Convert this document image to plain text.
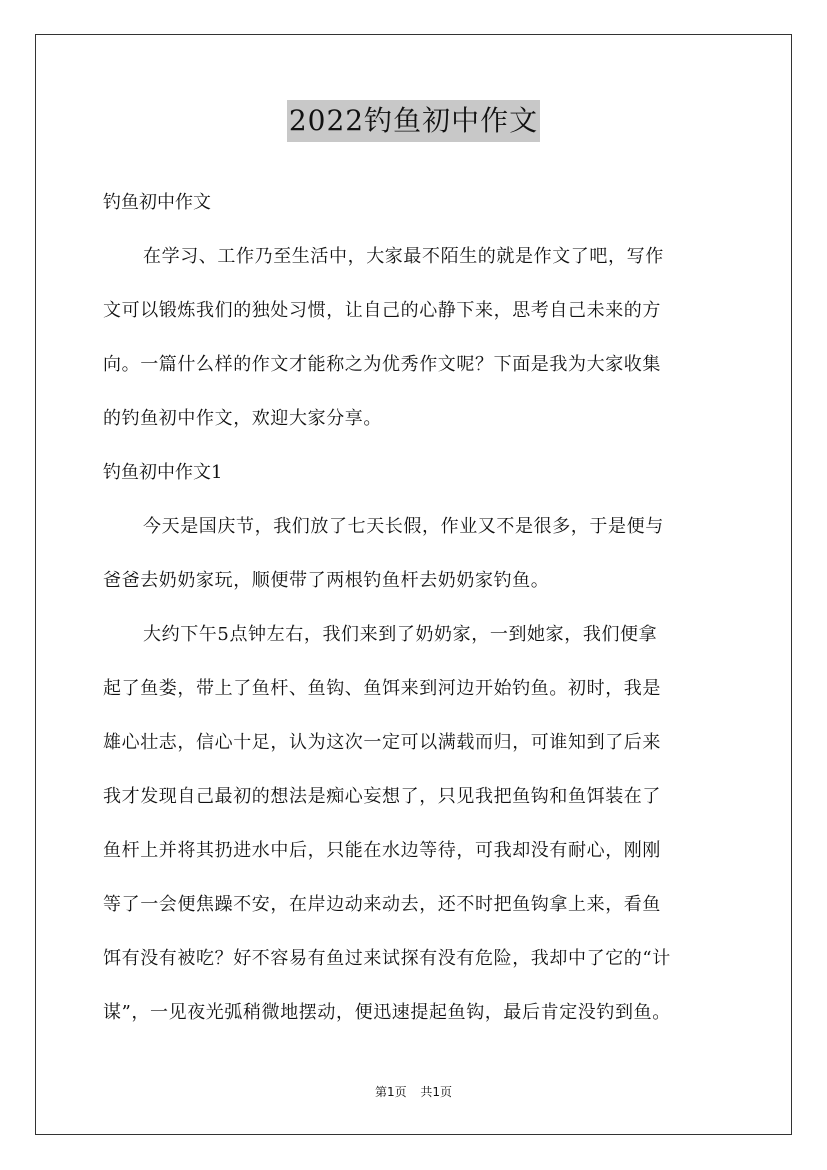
2022钓鱼初中作文

钓鱼初中作文

在学习、工作乃至生活中，大家最不陌生的就是作文了吧，写作

文可以锻炼我们的独处习惯，让自己的心静下来，思考自己未来的方

向。一篇什么样的作文才能称之为优秀作文呢？下面是我为大家收集

的钓鱼初中作文，欢迎大家分享。

钓鱼初中作文1

今天是国庆节，我们放了七天长假，作业又不是很多，于是便与

爸爸去奶奶家玩，顺便带了两根钓鱼杆去奶奶家钓鱼。

大约下午5点钟左右，我们来到了奶奶家，一到她家，我们便拿

起了鱼娄，带上了鱼杆、鱼钩、鱼饵来到河边开始钓鱼。初时，我是

雄心壮志，信心十足，认为这次一定可以满载而归，可谁知到了后来

我才发现自己最初的想法是痴心妄想了，只见我把鱼钩和鱼饵装在了

鱼杆上并将其扔进水中后，只能在水边等待，可我却没有耐心，刚刚

等了一会便焦躁不安，在岸边动来动去，还不时把鱼钩拿上来，看鱼

饵有没有被吃？好不容易有鱼过来试探有没有危险，我却中了它的“计

谋”，一见夜光弧稍微地摆动，便迅速提起鱼钩，最后肯定没钓到鱼。

第1页 共1页
